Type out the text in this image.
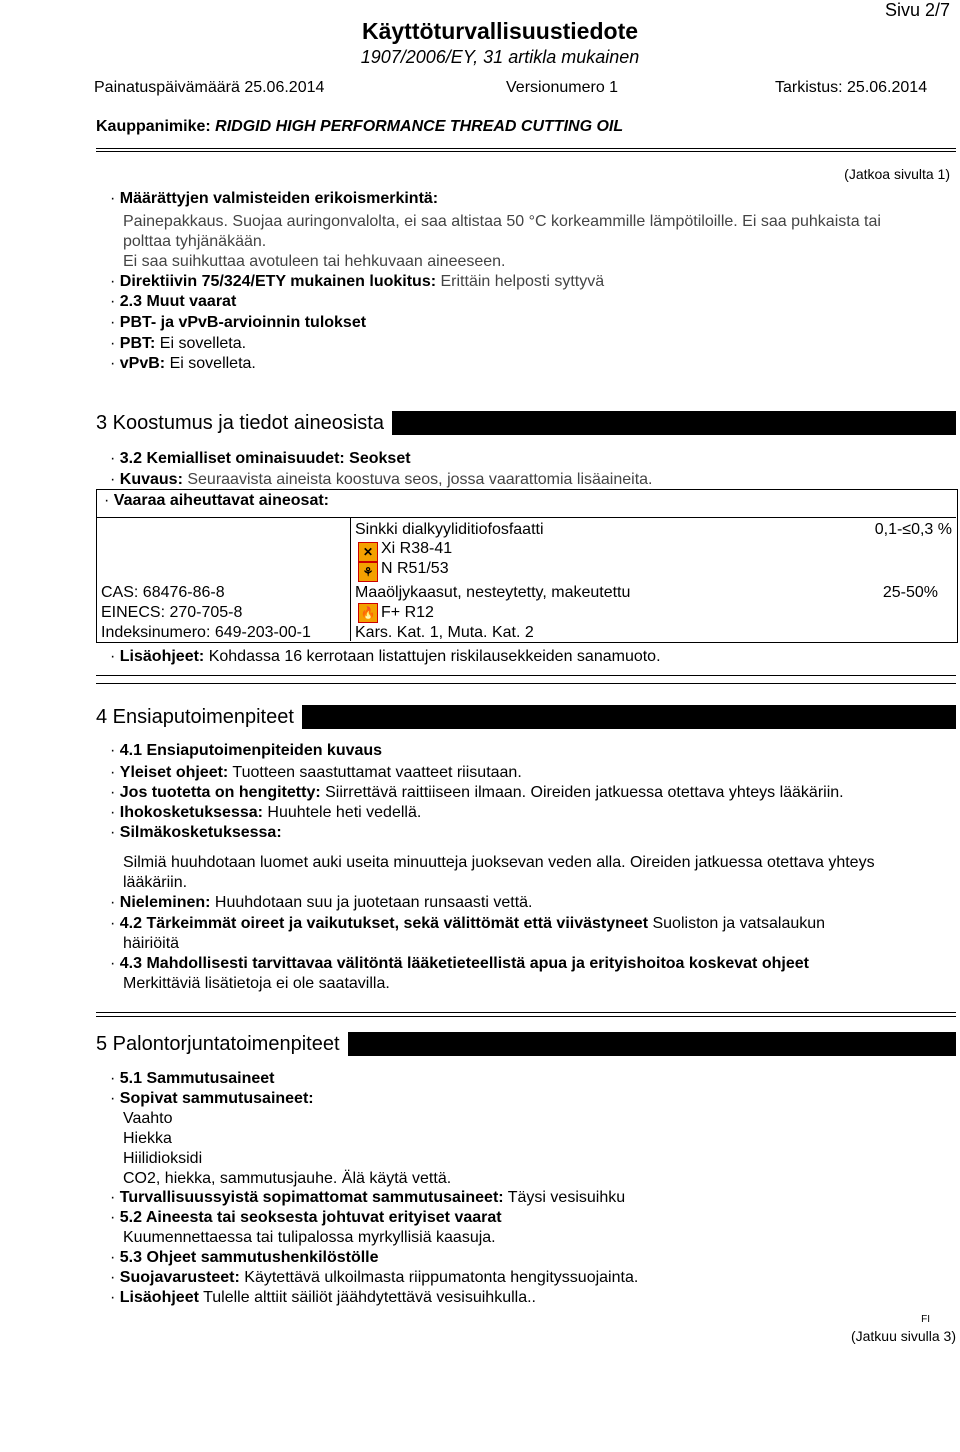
Sivu 2/7
Käyttöturvallisuustiedote
1907/2006/EY, 31 artikla mukainen
Painatuspäivämäärä 25.06.2014	Versionumero 1	Tarkistus: 25.06.2014
Kauppanimike: RIDGID HIGH PERFORMANCE THREAD CUTTING OIL
(Jatkoa sivulta 1)
· Määrättyjen valmisteiden erikoismerkintä:
Painepakkaus. Suojaa auringonvalolta, ei saa altistaa 50 °C korkeammille lämpötiloille. Ei saa puhkaista tai
polttaa tyhjänäkään.
Ei saa suihkuttaa avotuleen tai hehkuvaan aineeseen.
· Direktiivin 75/324/ETY mukainen luokitus: Erittäin helposti syttyvä
· 2.3 Muut vaarat
· PBT- ja vPvB-arvioinnin tulokset
· PBT: Ei sovelleta.
· vPvB: Ei sovelleta.
3 Koostumus ja tiedot aineosista
· 3.2 Kemialliset ominaisuudet: Seokset
· Kuvaus: Seuraavista aineista koostuva seos, jossa vaarattomia lisäaineita.
· Vaaraa aiheuttavat aineosat:
Sinkki dialkyyliditiofosfaatti
✕ Xi R38-41
⚘ N R51/53
0,1-≤0,3 %
CAS: 68476-86-8
EINECS: 270-705-8
Indeksinumero: 649-203-00-1
Maaöljykaasut, nesteytetty, makeutettu
🔥 F+ R12
Kars. Kat. 1, Muta. Kat. 2
25-50%
· Lisäohjeet: Kohdassa 16 kerrotaan listattujen riskilausekkeiden sanamuoto.
4 Ensiaputoimenpiteet
· 4.1 Ensiaputoimenpiteiden kuvaus
· Yleiset ohjeet: Tuotteen saastuttamat vaatteet riisutaan.
· Jos tuotetta on hengitetty: Siirrettävä raittiiseen ilmaan. Oireiden jatkuessa otettava yhteys lääkäriin.
· Ihokosketuksessa: Huuhtele heti vedellä.
· Silmäkosketuksessa:
Silmiä huuhdotaan luomet auki useita minuutteja juoksevan veden alla. Oireiden jatkuessa otettava yhteys
lääkäriin.
· Nieleminen: Huuhdotaan suu ja juotetaan runsaasti vettä.
· 4.2 Tärkeimmät oireet ja vaikutukset, sekä välittömät että viivästyneet Suoliston ja vatsalaukun
häiriöitä
· 4.3 Mahdollisesti tarvittavaa välitöntä lääketieteellistä apua ja erityishoitoa koskevat ohjeet
Merkittäviä lisätietoja ei ole saatavilla.
5 Palontorjuntatoimenpiteet
· 5.1 Sammutusaineet
· Sopivat sammutusaineet:
Vaahto
Hiekka
Hiilidioksidi
CO2, hiekka, sammutusjauhe. Älä käytä vettä.
· Turvallisuussyistä sopimattomat sammutusaineet: Täysi vesisuihku
· 5.2 Aineesta tai seoksesta johtuvat erityiset vaarat
Kuumennettaessa tai tulipalossa myrkyllisiä kaasuja.
· 5.3 Ohjeet sammutushenkilöstölle
· Suojavarusteet: Käytettävä ulkoilmasta riippumatonta hengityssuojainta.
· Lisäohjeet Tulelle alttiit säiliöt jäähdytettävä vesisuihkulla..
FI
(Jatkuu sivulla 3)
